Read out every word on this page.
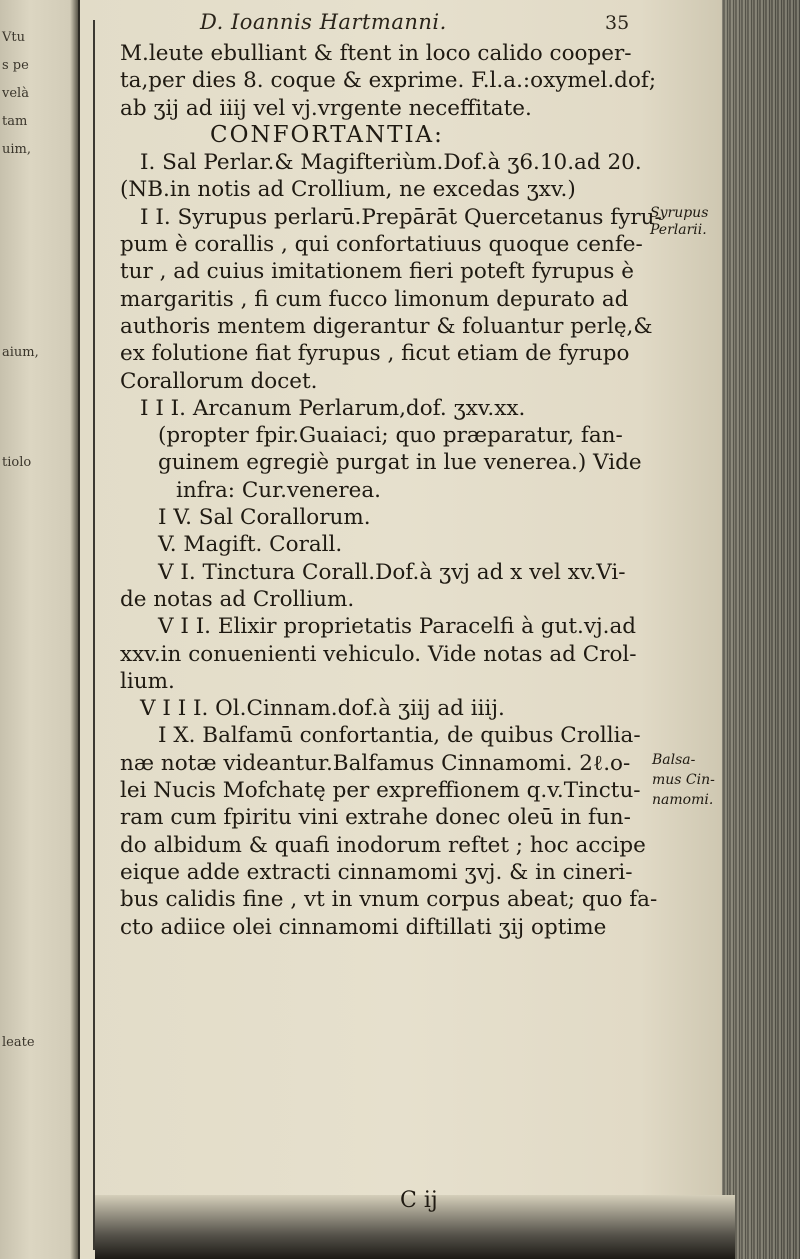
Vtu
s pe
velà
tam
uim,
aium,
tiolo
leate
D. Ioannis Hartmanni.	35
M.leute ebulliant & ftent in loco calido cooper-
ta,per dies 8. coque & exprime. F.l.a.:oxymel.dof;
ab ʒij ad iiij vel vj.vrgente neceffitate.
CONFORTANTIA:
I. Sal Perlar.& Magifteriùm.Dof.à ʒ6.10.ad 20.
(NB.in notis ad Crollium, ne excedas ʒxv.)
I I. Syrupus perlarū.Prepārāt Quercetanus fyru-
pum è corallis , qui confortatiuus quoque cenfe-
tur , ad cuius imitationem fieri poteft fyrupus è
margaritis , fi cum fucco limonum depurato ad
authoris mentem digerantur & foluantur perlę,&
ex folutione fiat fyrupus , ficut etiam de fyrupo
Corallorum docet.
I I I. Arcanum Perlarum,dof. ʒxv.xx.
(propter fpir.Guaiaci; quo præparatur, fan-
guinem egregiè purgat in lue venerea.) Vide
infra: Cur.venerea.
I V. Sal Corallorum.
V. Magift. Corall.
V I. Tinctura Corall.Dof.à ʒvj ad x vel xv.Vi-
de notas ad Crollium.
V I I. Elixir proprietatis Paracelfi à gut.vj.ad
xxv.in conuenienti vehiculo. Vide notas ad Crol-
lium.
V I I I. Ol.Cinnam.dof.à ʒiij ad iiij.
I X. Balfamū confortantia, de quibus Crollia-
næ notæ videantur.Balfamus Cinnamomi. 2ℓ.o-
lei Nucis Mofchatę per expreffionem q.v.Tinctu-
ram cum fpiritu vini extrahe donec oleū in fun-
do albidum & quafi inodorum reftet ; hoc accipe
eique adde extracti cinnamomi ʒvj. & in cineri-
bus calidis fine , vt in vnum corpus abeat; quo fa-
cto adiice olei cinnamomi diftillati ʒij optime
Syrupus
Perlarii.
Balsa-
mus Cin-
namomi.
C ij
